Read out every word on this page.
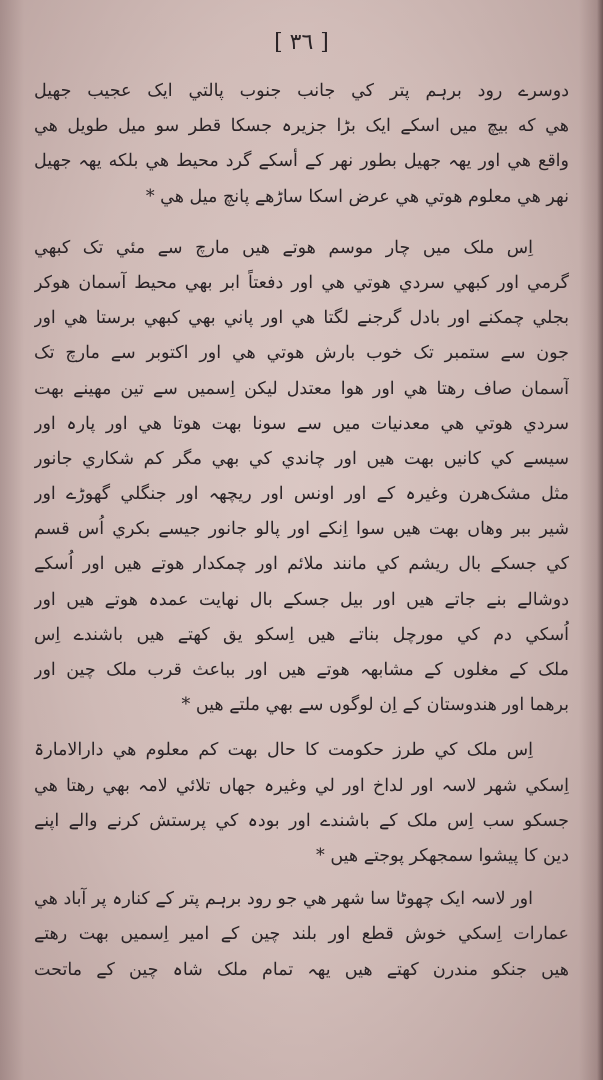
[ ٣٦ ]
دوسرے رود برہم پتر کي جانب جنوب پالتي ايک عجيب جهيل
هي که بيچ ميں اسکے ايک بڑا جزيرہ جسکا قطر سو ميل طويل هي
واقع هي اور يهہ جهيل بطور نهر کے أسکے گرد محيط هي بلکه يهہ جهيل
نهر هي معلوم هوتي هي عرض اسکا ساڑهے پانچ ميل هي *
اِس ملک ميں چار موسم هوتے هيں مارچ سے مئي تک کبهي
گرمي اور کبهي سردي هوتي هي اور دفعتاً ابر بهي محيط آسمان هوکر
بجلي چمکنے اور بادل گرجنے لگتا هي اور پاني بهي کبهي برستا هي اور
جون سے ستمبر تک خوب بارش هوتي هي اور اکتوبر سے مارچ تک
آسمان صاف رهتا هي اور هوا معتدل ليکن اِسميں سے تين مهينے بهت
سردي هوتي هي معدنيات ميں سے سونا بهت هوتا هي اور پارہ اور
سيسے کي کانيں بهت هيں اور چاندي کي بهي مگر کم شکاري جانور
مثل مشک‌هرن وغيرہ کے اور اونس اور ريچهہ اور جنگلي گهوڑے اور
شير ببر وهاں بهت هيں سوا اِنکے اور پالو جانور جيسے بکري اُس قسم
کي جسکے بال ريشم کي مانند ملائم اور چمکدار هوتے هيں اور اُسکے
دوشالے بنے جاتے هيں اور بيل جسکے بال نهايت عمدہ هوتے هيں اور
اُسکي دم کي مورچل بناتے هيں اِسکو يق کهتے هيں باشندے اِس
ملک کے مغلوں کے مشابهہ هوتے هيں اور بباعث قرب ملک چين اور
برهما اور هندوستان کے اِن لوگوں سے بهي ملتے هيں *
اِس ملک کي طرز حکومت کا حال بهت کم معلوم هي دارالامارۃ
اِسکي شهر لاسہ اور لداخ اور لي وغيرہ جهاں تلائي لامہ بهي رهتا هي
جسکو سب اِس ملک کے باشندے اور بودہ کي پرستش کرنے والے اپنے
دين کا پيشوا سمجهکر پوجتے هيں *
اور لاسہ ايک چهوٹا سا شهر هي جو رود برہم پتر کے کنارہ پر آباد هي
عمارات اِسکي خوش قطع اور بلند چين کے امير اِسميں بهت رهتے
هيں جنکو مندرن کهتے هيں يهہ تمام ملک شاہ چين کے ماتحت
